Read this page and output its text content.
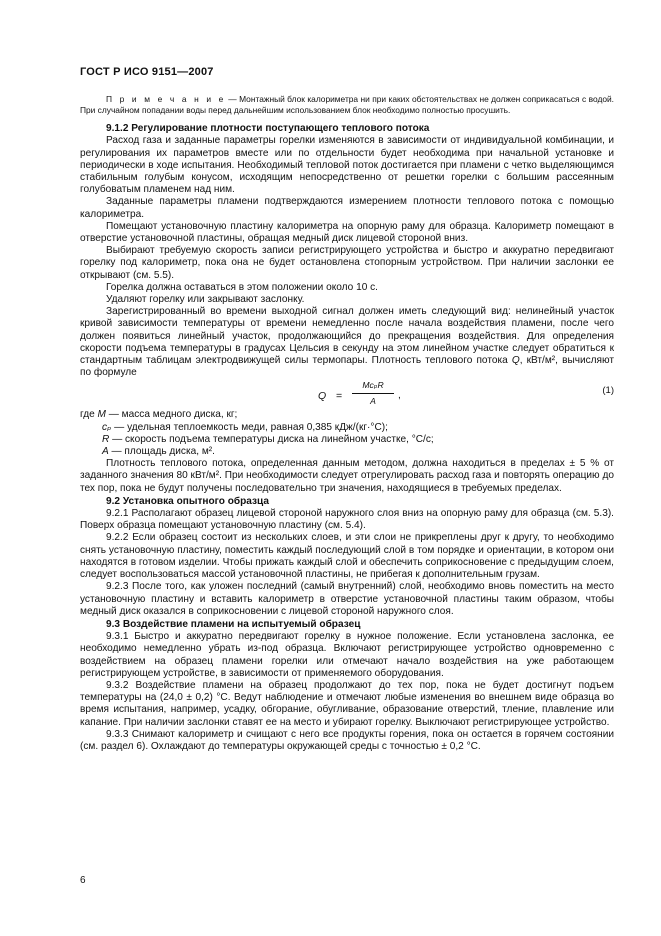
ГОСТ Р ИСО 9151—2007

П р и м е ч а н и е — Монтажный блок калориметра ни при каких обстоятельствах не должен соприкасаться с водой. При случайном попадании воды перед дальнейшим использованием блок необходимо полностью просушить.

9.1.2 Регулирование плотности поступающего теплового потока

Расход газа и заданные параметры горелки изменяются в зависимости от индивидуальной комбинации, и регулирования их параметров вместе или по отдельности будет необходима при начальной установке и периодически в ходе испытания. Необходимый тепловой поток достигается при пламени с четко выделяющимся стабильным голубым конусом, исходящим непосредственно от решетки горелки с большим рассеянным голубоватым пламенем над ним.

Заданные параметры пламени подтверждаются измерением плотности теплового потока с помощью калориметра.

Помещают установочную пластину калориметра на опорную раму для образца. Калориметр помещают в отверстие установочной пластины, обращая медный диск лицевой стороной вниз.

Выбирают требуемую скорость записи регистрирующего устройства и быстро и аккуратно передвигают горелку под калориметр, пока она не будет остановлена стопорным устройством. При наличии заслонки ее открывают (см. 5.5).

Горелка должна оставаться в этом положении около 10 с.

Удаляют горелку или закрывают заслонку.

Зарегистрированный во времени выходной сигнал должен иметь следующий вид: нелинейный участок кривой зависимости температуры от времени немедленно после начала воздействия пламени, после чего должен появиться линейный участок, продолжающийся до прекращения воздействия. Для определения скорости подъема температуры в градусах Цельсия в секунду на этом линейном участке следует обратиться к стандартным таблицам электродвижущей силы термопары. Плотность теплового потока Q, кВт/м², вычисляют по формуле

Q =
McₚR
A	,	(1)

где M — масса медного диска, кг;

cₚ — удельная теплоемкость меди, равная 0,385 кДж/(кг·°С);

R — скорость подъема температуры диска на линейном участке, °С/с;

A — площадь диска, м².

Плотность теплового потока, определенная данным методом, должна находиться в пределах ± 5 % от заданного значения 80 кВт/м². При необходимости следует отрегулировать расход газа и повторять операцию до тех пор, пока не будут получены последовательно три значения, находящиеся в требуемых пределах.

9.2 Установка опытного образца

9.2.1 Располагают образец лицевой стороной наружного слоя вниз на опорную раму для образца (см. 5.3). Поверх образца помещают установочную пластину (см. 5.4).

9.2.2 Если образец состоит из нескольких слоев, и эти слои не прикреплены друг к другу, то необходимо снять установочную пластину, поместить каждый последующий слой в том порядке и ориентации, в котором они находятся в готовом изделии. Чтобы прижать каждый слой и обеспечить соприкосновение с предыдущим слоем, следует воспользоваться массой установочной пластины, не прибегая к дополнительным грузам.

9.2.3 После того, как уложен последний (самый внутренний) слой, необходимо вновь поместить на место установочную пластину и вставить калориметр в отверстие установочной пластины таким образом, чтобы медный диск оказался в соприкосновении с лицевой стороной наружного слоя.

9.3 Воздействие пламени на испытуемый образец

9.3.1 Быстро и аккуратно передвигают горелку в нужное положение. Если установлена заслонка, ее необходимо немедленно убрать из-под образца. Включают регистрирующее устройство одновременно с воздействием на образец пламени горелки или отмечают начало воздействия на уже работающем регистрирующем устройстве, в зависимости от применяемого оборудования.

9.3.2 Воздействие пламени на образец продолжают до тех пор, пока не будет достигнут подъем температуры на (24,0 ± 0,2) °С. Ведут наблюдение и отмечают любые изменения во внешнем виде образца во время испытания, например, усадку, обгорание, обугливание, образование отверстий, тление, плавление или капание. При наличии заслонки ставят ее на место и убирают горелку. Выключают регистрирующее устройство.

9.3.3 Снимают калориметр и счищают с него все продукты горения, пока он остается в горячем состоянии (см. раздел 6). Охлаждают до температуры окружающей среды с точностью ± 0,2 °С.

6
